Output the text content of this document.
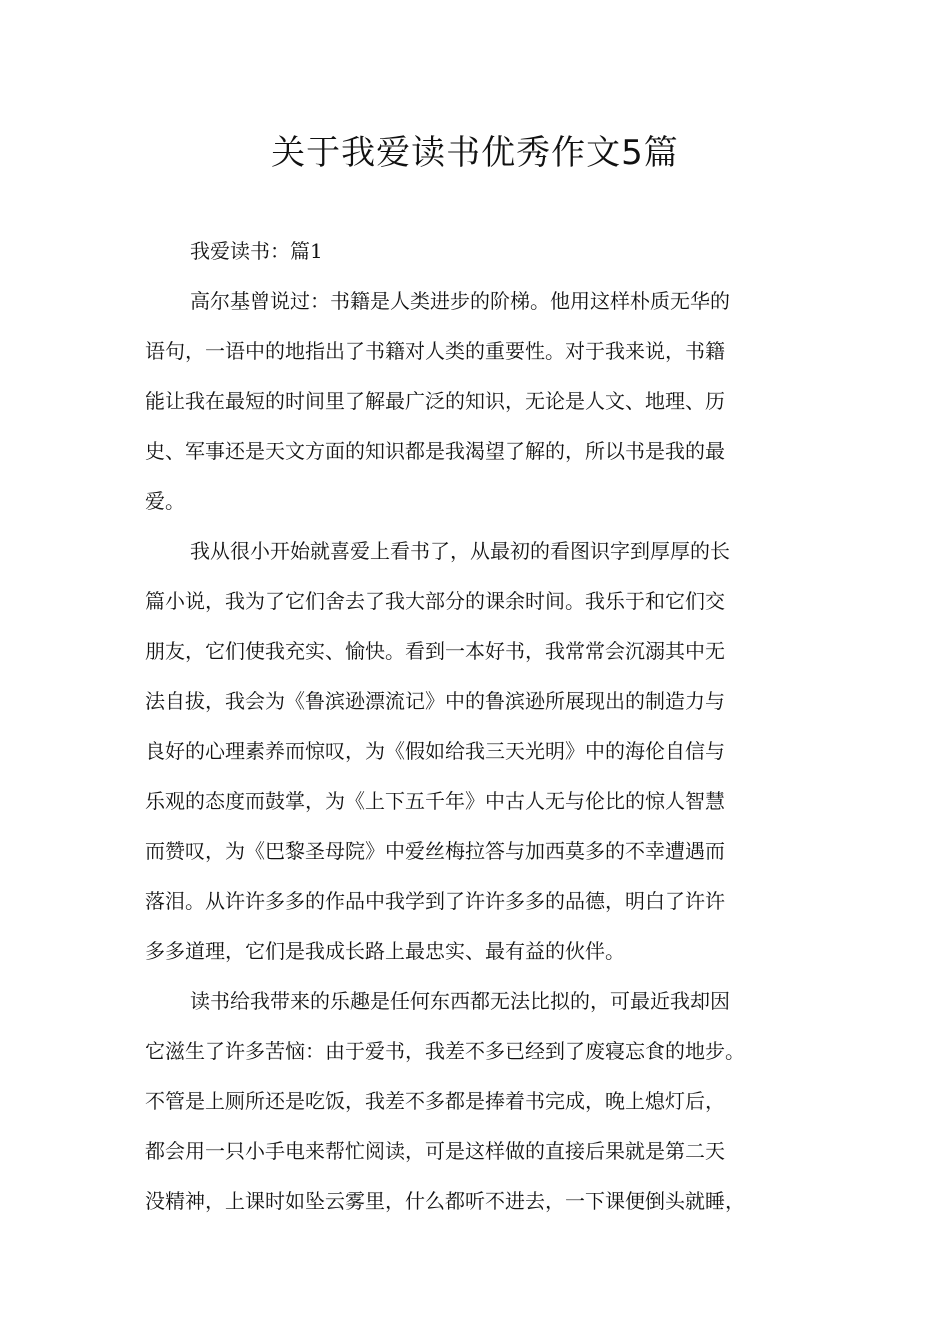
关于我爱读书优秀作文5篇

我爱读书：篇1

高尔基曾说过：书籍是人类进步的阶梯。他用这样朴质无华的

语句，一语中的地指出了书籍对人类的重要性。对于我来说，书籍

能让我在最短的时间里了解最广泛的知识，无论是人文、地理、历

史、军事还是天文方面的知识都是我渴望了解的，所以书是我的最

爱。

我从很小开始就喜爱上看书了，从最初的看图识字到厚厚的长

篇小说，我为了它们舍去了我大部分的课余时间。我乐于和它们交

朋友，它们使我充实、愉快。看到一本好书，我常常会沉溺其中无

法自拔，我会为《鲁滨逊漂流记》中的鲁滨逊所展现出的制造力与

良好的心理素养而惊叹，为《假如给我三天光明》中的海伦自信与

乐观的态度而鼓掌，为《上下五千年》中古人无与伦比的惊人智慧

而赞叹，为《巴黎圣母院》中爱丝梅拉答与加西莫多的不幸遭遇而

落泪。从许许多多的作品中我学到了许许多多的品德，明白了许许

多多道理，它们是我成长路上最忠实、最有益的伙伴。

读书给我带来的乐趣是任何东西都无法比拟的，可最近我却因

它滋生了许多苦恼：由于爱书，我差不多已经到了废寝忘食的地步。

不管是上厕所还是吃饭，我差不多都是捧着书完成，晚上熄灯后，

都会用一只小手电来帮忙阅读，可是这样做的直接后果就是第二天

没精神，上课时如坠云雾里，什么都听不进去，一下课便倒头就睡，
